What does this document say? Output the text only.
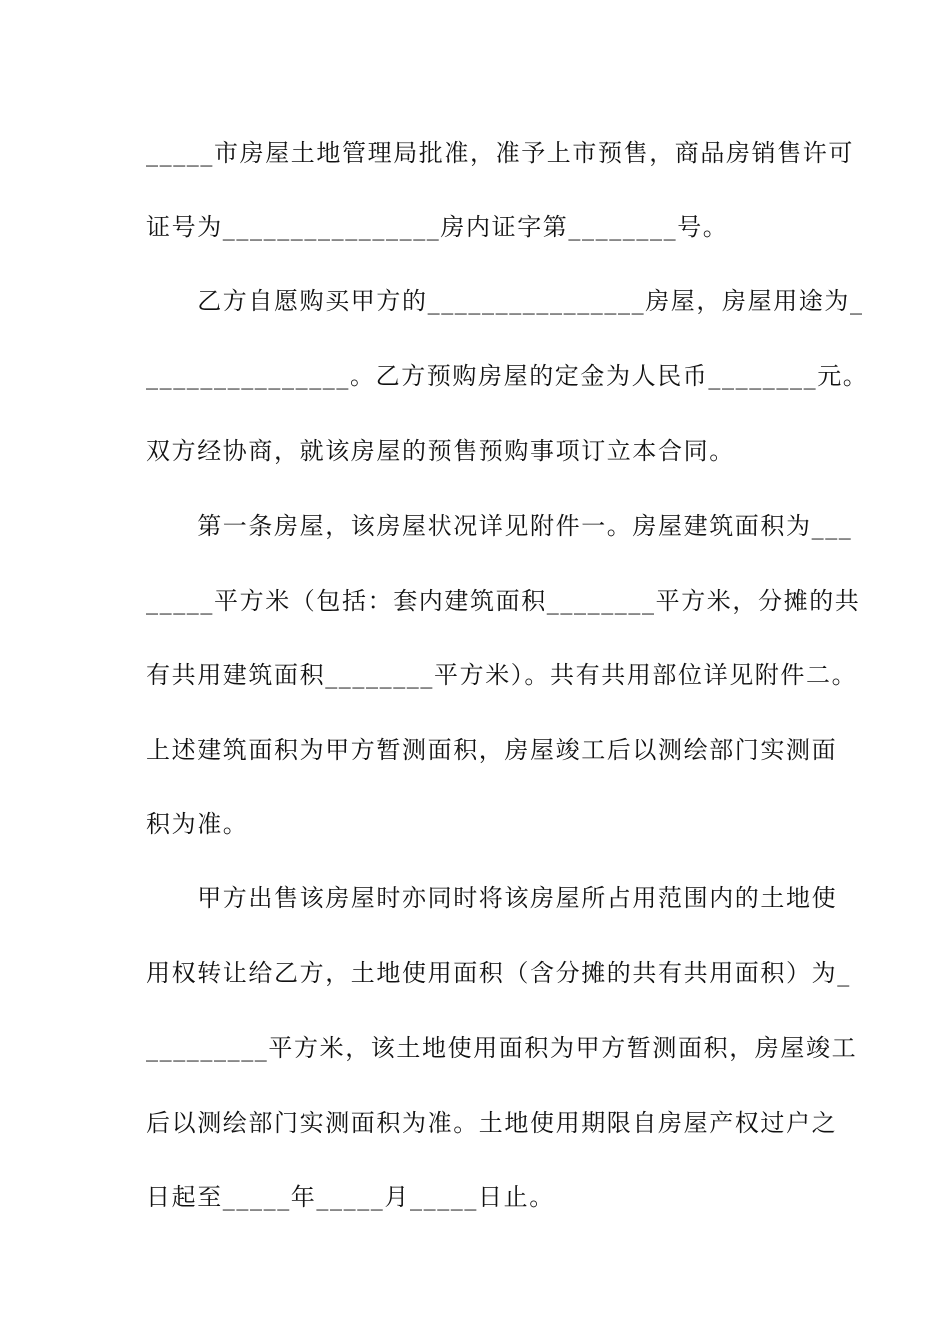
_____市房屋土地管理局批准，准予上市预售，商品房销售许可
证号为________________房内证字第________号。
　　乙方自愿购买甲方的________________房屋，房屋用途为_
_______________。乙方预购房屋的定金为人民币________元。
双方经协商，就该房屋的预售预购事项订立本合同。
　　第一条房屋，该房屋状况详见附件一。房屋建筑面积为___
_____平方米（包括：套内建筑面积________平方米，分摊的共
有共用建筑面积________平方米）。共有共用部位详见附件二。
上述建筑面积为甲方暂测面积，房屋竣工后以测绘部门实测面
积为准。
　　甲方出售该房屋时亦同时将该房屋所占用范围内的土地使
用权转让给乙方，土地使用面积（含分摊的共有共用面积）为_
_________平方米，该土地使用面积为甲方暂测面积，房屋竣工
后以测绘部门实测面积为准。土地使用期限自房屋产权过户之
日起至_____年_____月_____日止。
